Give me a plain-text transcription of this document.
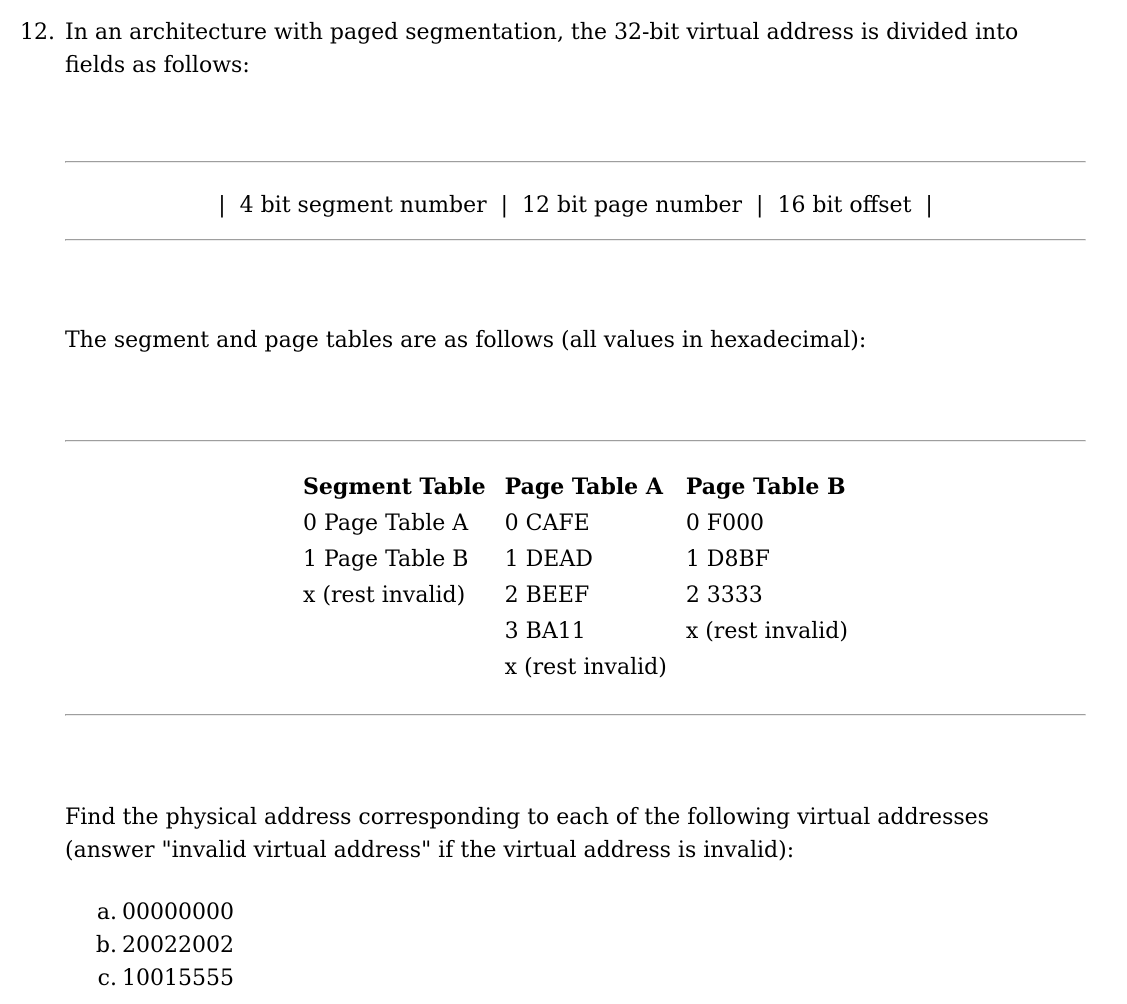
12. In an architecture with paged segmentation, the 32-bit virtual address is divided into
fields as follows:

|  4 bit segment number  |  12 bit page number  |  16 bit offset  |

The segment and page tables are as follows (all values in hexadecimal):

Segment Table	Page Table A	Page Table B
0 Page Table A	0 CAFE	0 F000
1 Page Table B	1 DEAD	1 D8BF
x (rest invalid)	2 BEEF	2 3333
	3 BA11	x (rest invalid)
	x (rest invalid)	

Find the physical address corresponding to each of the following virtual addresses
(answer "invalid virtual address" if the virtual address is invalid):

a. 00000000
b. 20022002
c. 10015555
